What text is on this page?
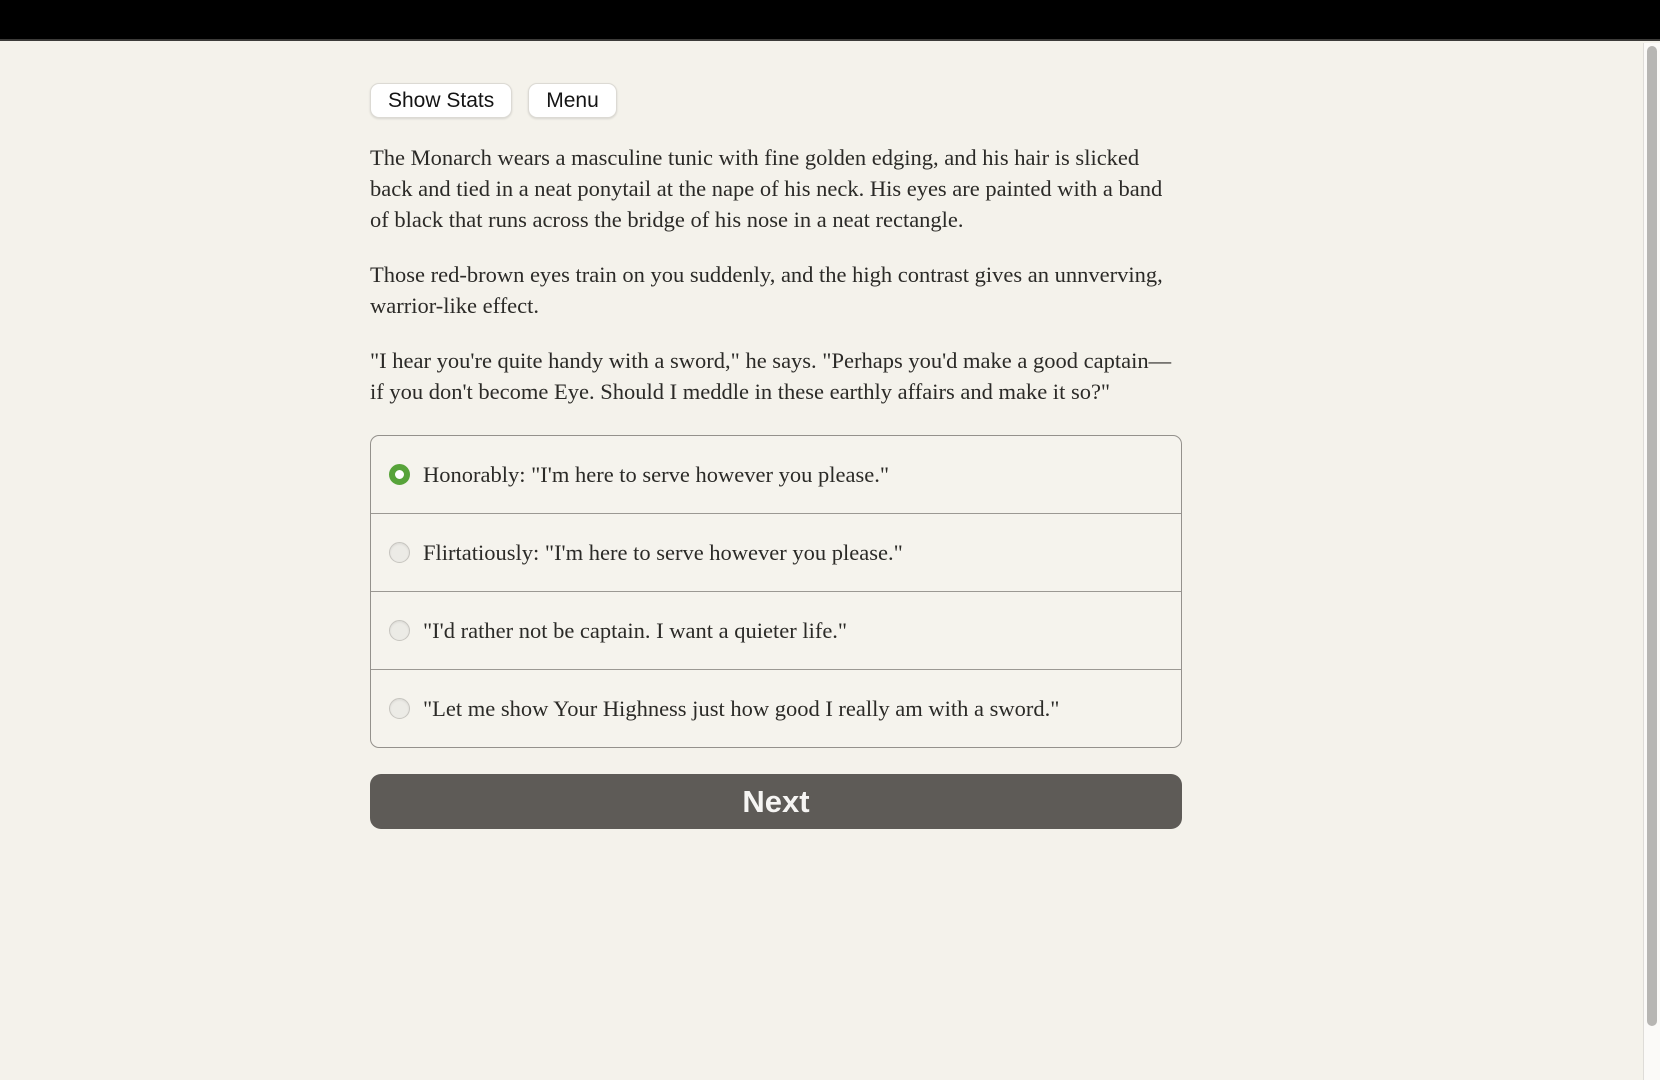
Show Stats	Menu

The Monarch wears a masculine tunic with fine golden edging, and his hair is slicked back and tied in a neat ponytail at the nape of his neck. His eyes are painted with a band of black that runs across the bridge of his nose in a neat rectangle.

Those red-brown eyes train on you suddenly, and the high contrast gives an unnverving, warrior-like effect.

"I hear you're quite handy with a sword," he says. "Perhaps you'd make a good captain—if you don't become Eye. Should I meddle in these earthly affairs and make it so?"

Honorably: "I'm here to serve however you please."
Flirtatiously: "I'm here to serve however you please."
"I'd rather not be captain. I want a quieter life."
"Let me show Your Highness just how good I really am with a sword."
Next
